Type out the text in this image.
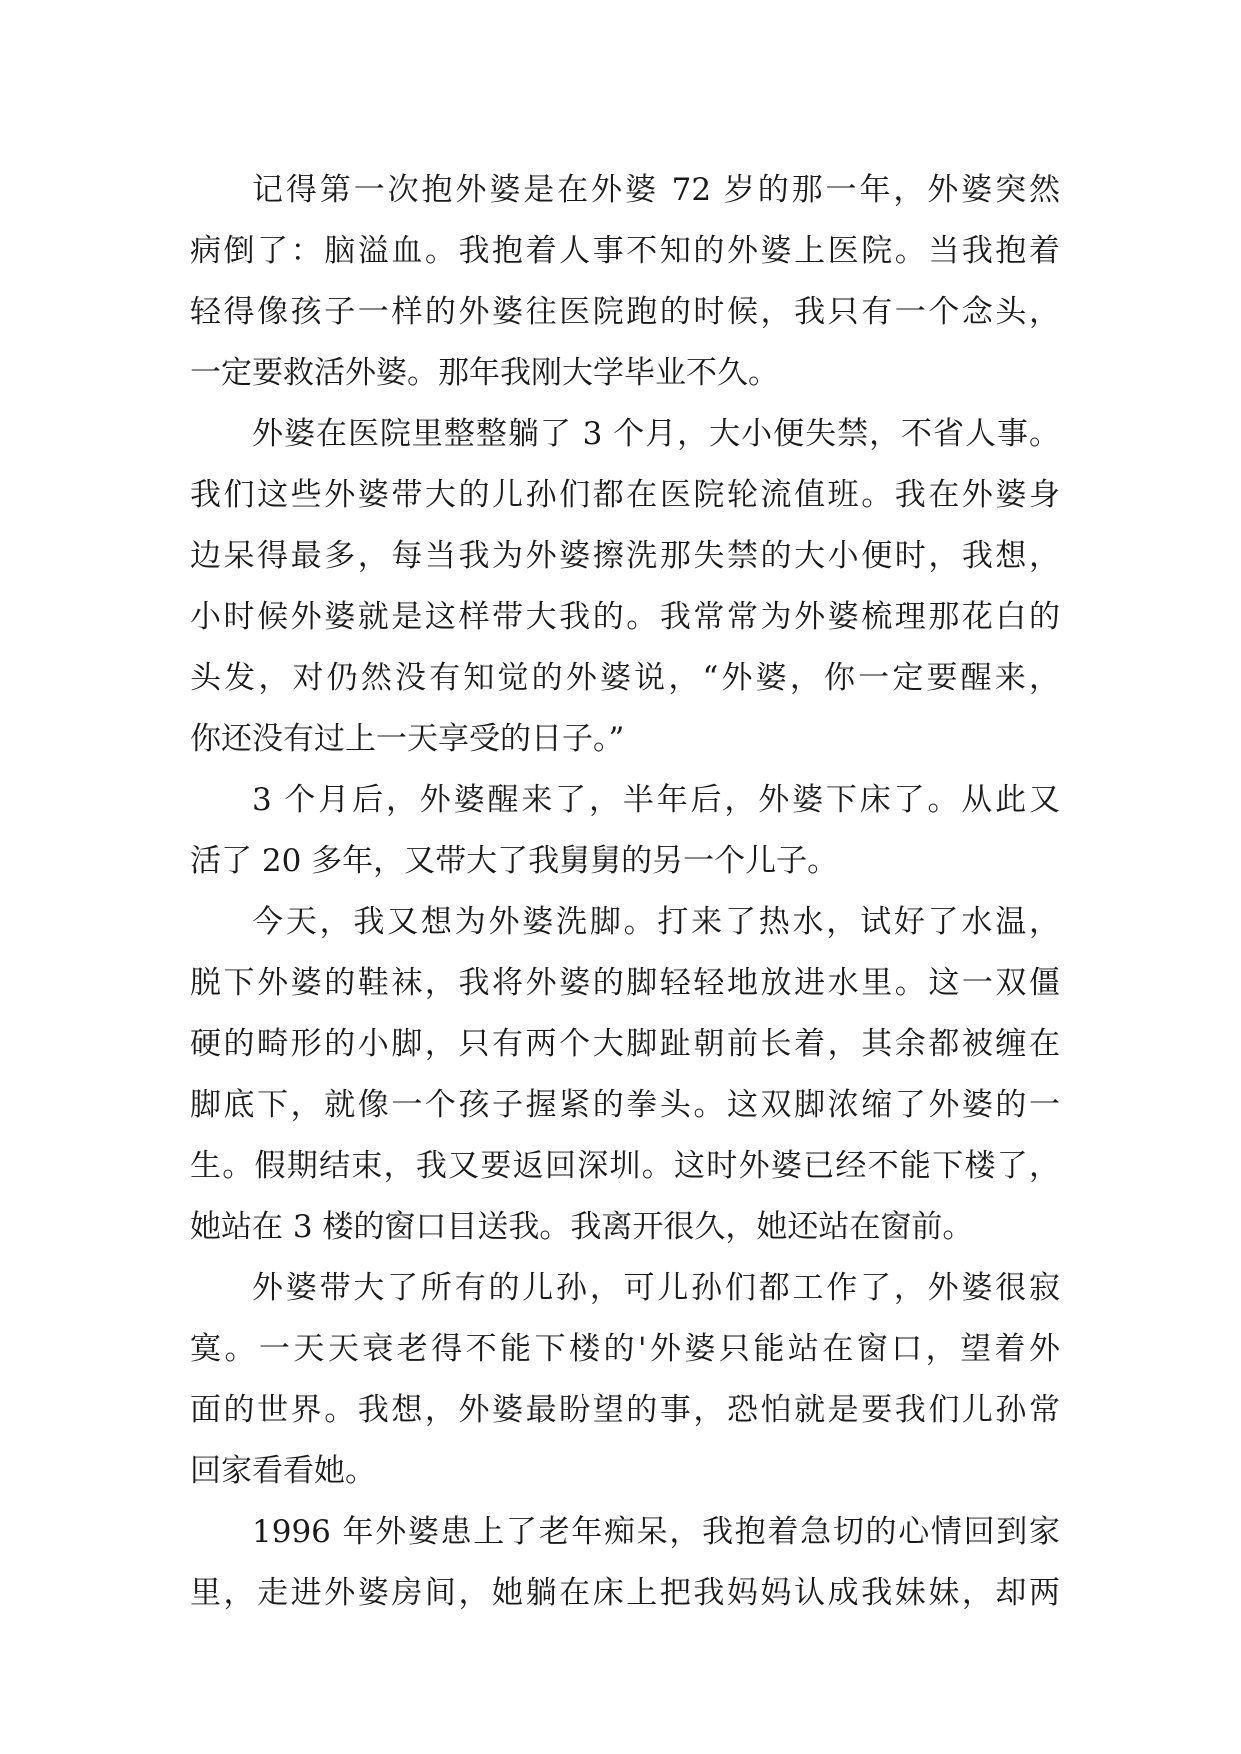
记得第一次抱外婆是在外婆 72 岁的那一年，外婆突然
病倒了：脑溢血。我抱着人事不知的外婆上医院。当我抱着
轻得像孩子一样的外婆往医院跑的时候，我只有一个念头，
一定要救活外婆。那年我刚大学毕业不久。
外婆在医院里整整躺了 3 个月，大小便失禁，不省人事。
我们这些外婆带大的儿孙们都在医院轮流值班。我在外婆身
边呆得最多，每当我为外婆擦洗那失禁的大小便时，我想，
小时候外婆就是这样带大我的。我常常为外婆梳理那花白的
头发，对仍然没有知觉的外婆说，“外婆，你一定要醒来，
你还没有过上一天享受的日子。”
3 个月后，外婆醒来了，半年后，外婆下床了。从此又
活了 20 多年，又带大了我舅舅的另一个儿子。
今天，我又想为外婆洗脚。打来了热水，试好了水温，
脱下外婆的鞋袜，我将外婆的脚轻轻地放进水里。这一双僵
硬的畸形的小脚，只有两个大脚趾朝前长着，其余都被缠在
脚底下，就像一个孩子握紧的拳头。这双脚浓缩了外婆的一
生。假期结束，我又要返回深圳。这时外婆已经不能下楼了，
她站在 3 楼的窗口目送我。我离开很久，她还站在窗前。
外婆带大了所有的儿孙，可儿孙们都工作了，外婆很寂
寞。一天天衰老得不能下楼的'外婆只能站在窗口，望着外
面的世界。我想，外婆最盼望的事，恐怕就是要我们儿孙常
回家看看她。
1996 年外婆患上了老年痴呆，我抱着急切的心情回到家
里，走进外婆房间，她躺在床上把我妈妈认成我妹妹，却两
